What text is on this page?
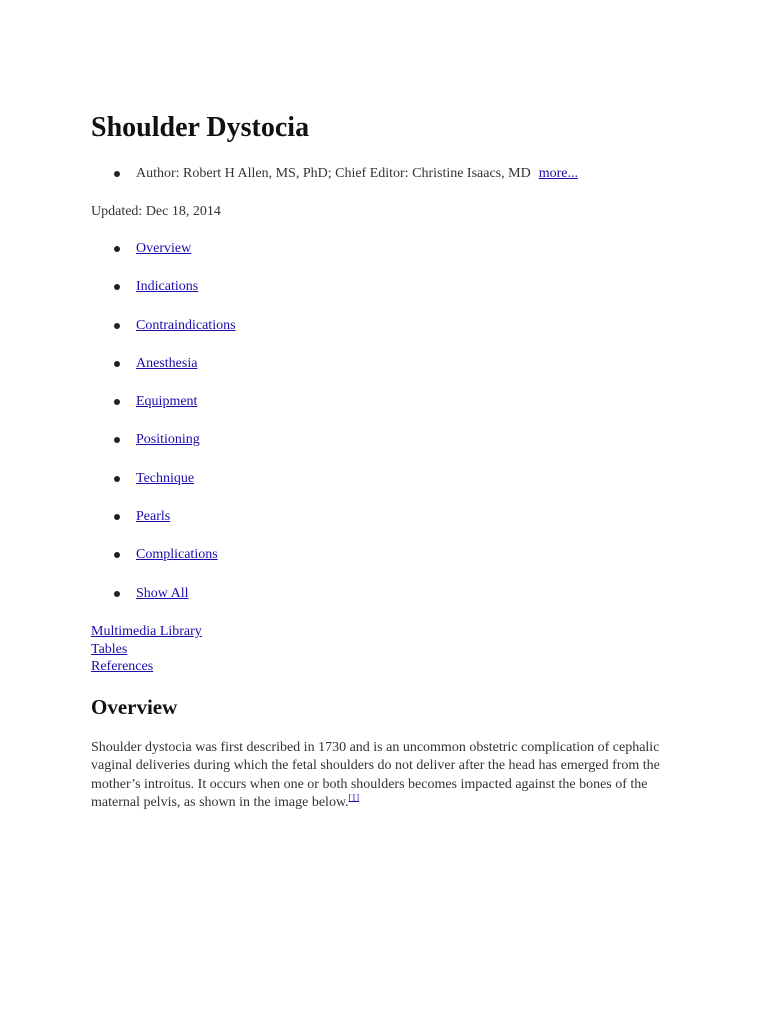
Shoulder Dystocia
Author: Robert H Allen, MS, PhD; Chief Editor: Christine Isaacs, MD more...

Updated: Dec 18, 2014

Overview
Indications
Contraindications
Anesthesia
Equipment
Positioning
Technique
Pearls
Complications
Show All
Multimedia Library
Tables
References
Overview

Shoulder dystocia was first described in 1730 and is an uncommon obstetric complication of cephalic vaginal deliveries during which the fetal shoulders do not deliver after the head has emerged from the mother’s introitus. It occurs when one or both shoulders becomes impacted against the bones of the maternal pelvis, as shown in the image below.[1]
